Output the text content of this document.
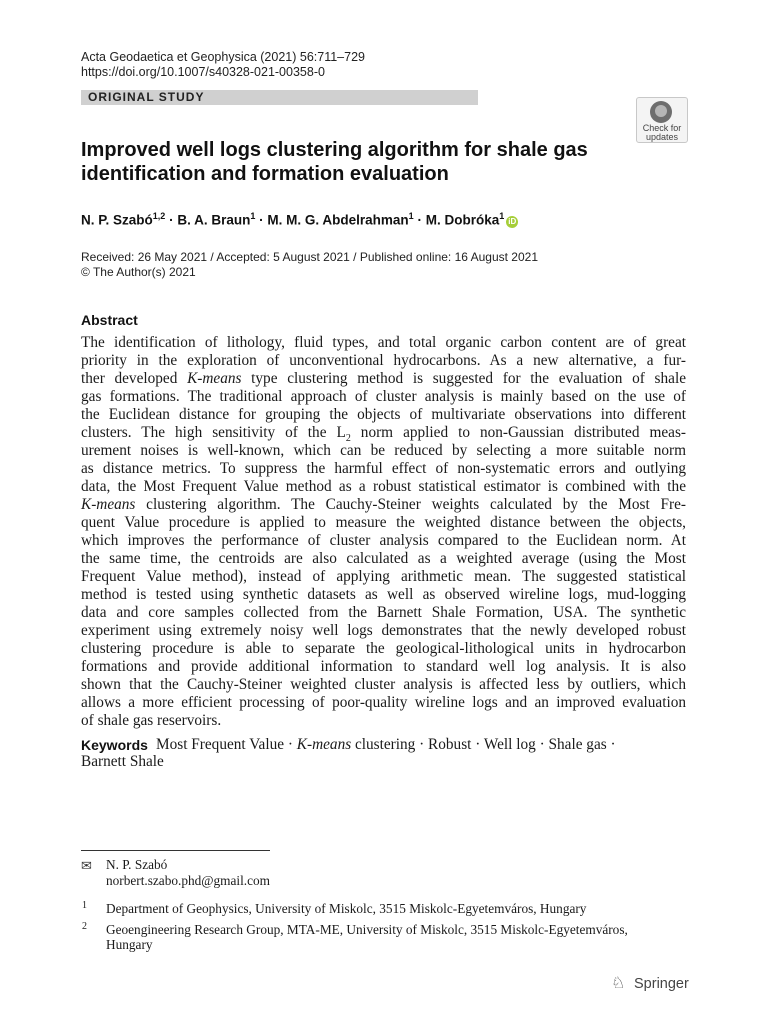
Acta Geodaetica et Geophysica (2021) 56:711–729
https://doi.org/10.1007/s40328-021-00358-0
ORIGINAL STUDY
Check for
updates
Improved well logs clustering algorithm for shale gas
identification and formation evaluation
N. P. Szabó$^{1,2}$ · B. A. Braun$^1$ · M. M. G. Abdelrahman$^1$ · M. Dobróka$^1$ iD
Received: 26 May 2021 / Accepted: 5 August 2021 / Published online: 16 August 2021
© The Author(s) 2021
Abstract
The identification of lithology, fluid types, and total organic carbon content are of great
priority in the exploration of unconventional hydrocarbons. As a new alternative, a fur-
ther developed K-means type clustering method is suggested for the evaluation of shale
gas formations. The traditional approach of cluster analysis is mainly based on the use of
the Euclidean distance for grouping the objects of multivariate observations into different
clusters. The high sensitivity of the $L_2$ norm applied to non-Gaussian distributed meas-
urement noises is well-known, which can be reduced by selecting a more suitable norm
as distance metrics. To suppress the harmful effect of non-systematic errors and outlying
data, the Most Frequent Value method as a robust statistical estimator is combined with the
K-means clustering algorithm. The Cauchy-Steiner weights calculated by the Most Fre-
quent Value procedure is applied to measure the weighted distance between the objects,
which improves the performance of cluster analysis compared to the Euclidean norm. At
the same time, the centroids are also calculated as a weighted average (using the Most
Frequent Value method), instead of applying arithmetic mean. The suggested statistical
method is tested using synthetic datasets as well as observed wireline logs, mud-logging
data and core samples collected from the Barnett Shale Formation, USA. The synthetic
experiment using extremely noisy well logs demonstrates that the newly developed robust
clustering procedure is able to separate the geological-lithological units in hydrocarbon
formations and provide additional information to standard well log analysis. It is also
shown that the Cauchy-Steiner weighted cluster analysis is affected less by outliers, which
allows a more efficient processing of poor-quality wireline logs and an improved evaluation
of shale gas reservoirs.
Keywords Most Frequent Value · K-means clustering · Robust · Well log · Shale gas ·
Barnett Shale
✉ N. P. Szabó
norbert.szabo.phd@gmail.com
1 Department of Geophysics, University of Miskolc, 3515 Miskolc-Egyetemváros, Hungary
2 Geoengineering Research Group, MTA-ME, University of Miskolc, 3515 Miskolc-Egyetemváros,
Hungary
♘ Springer
